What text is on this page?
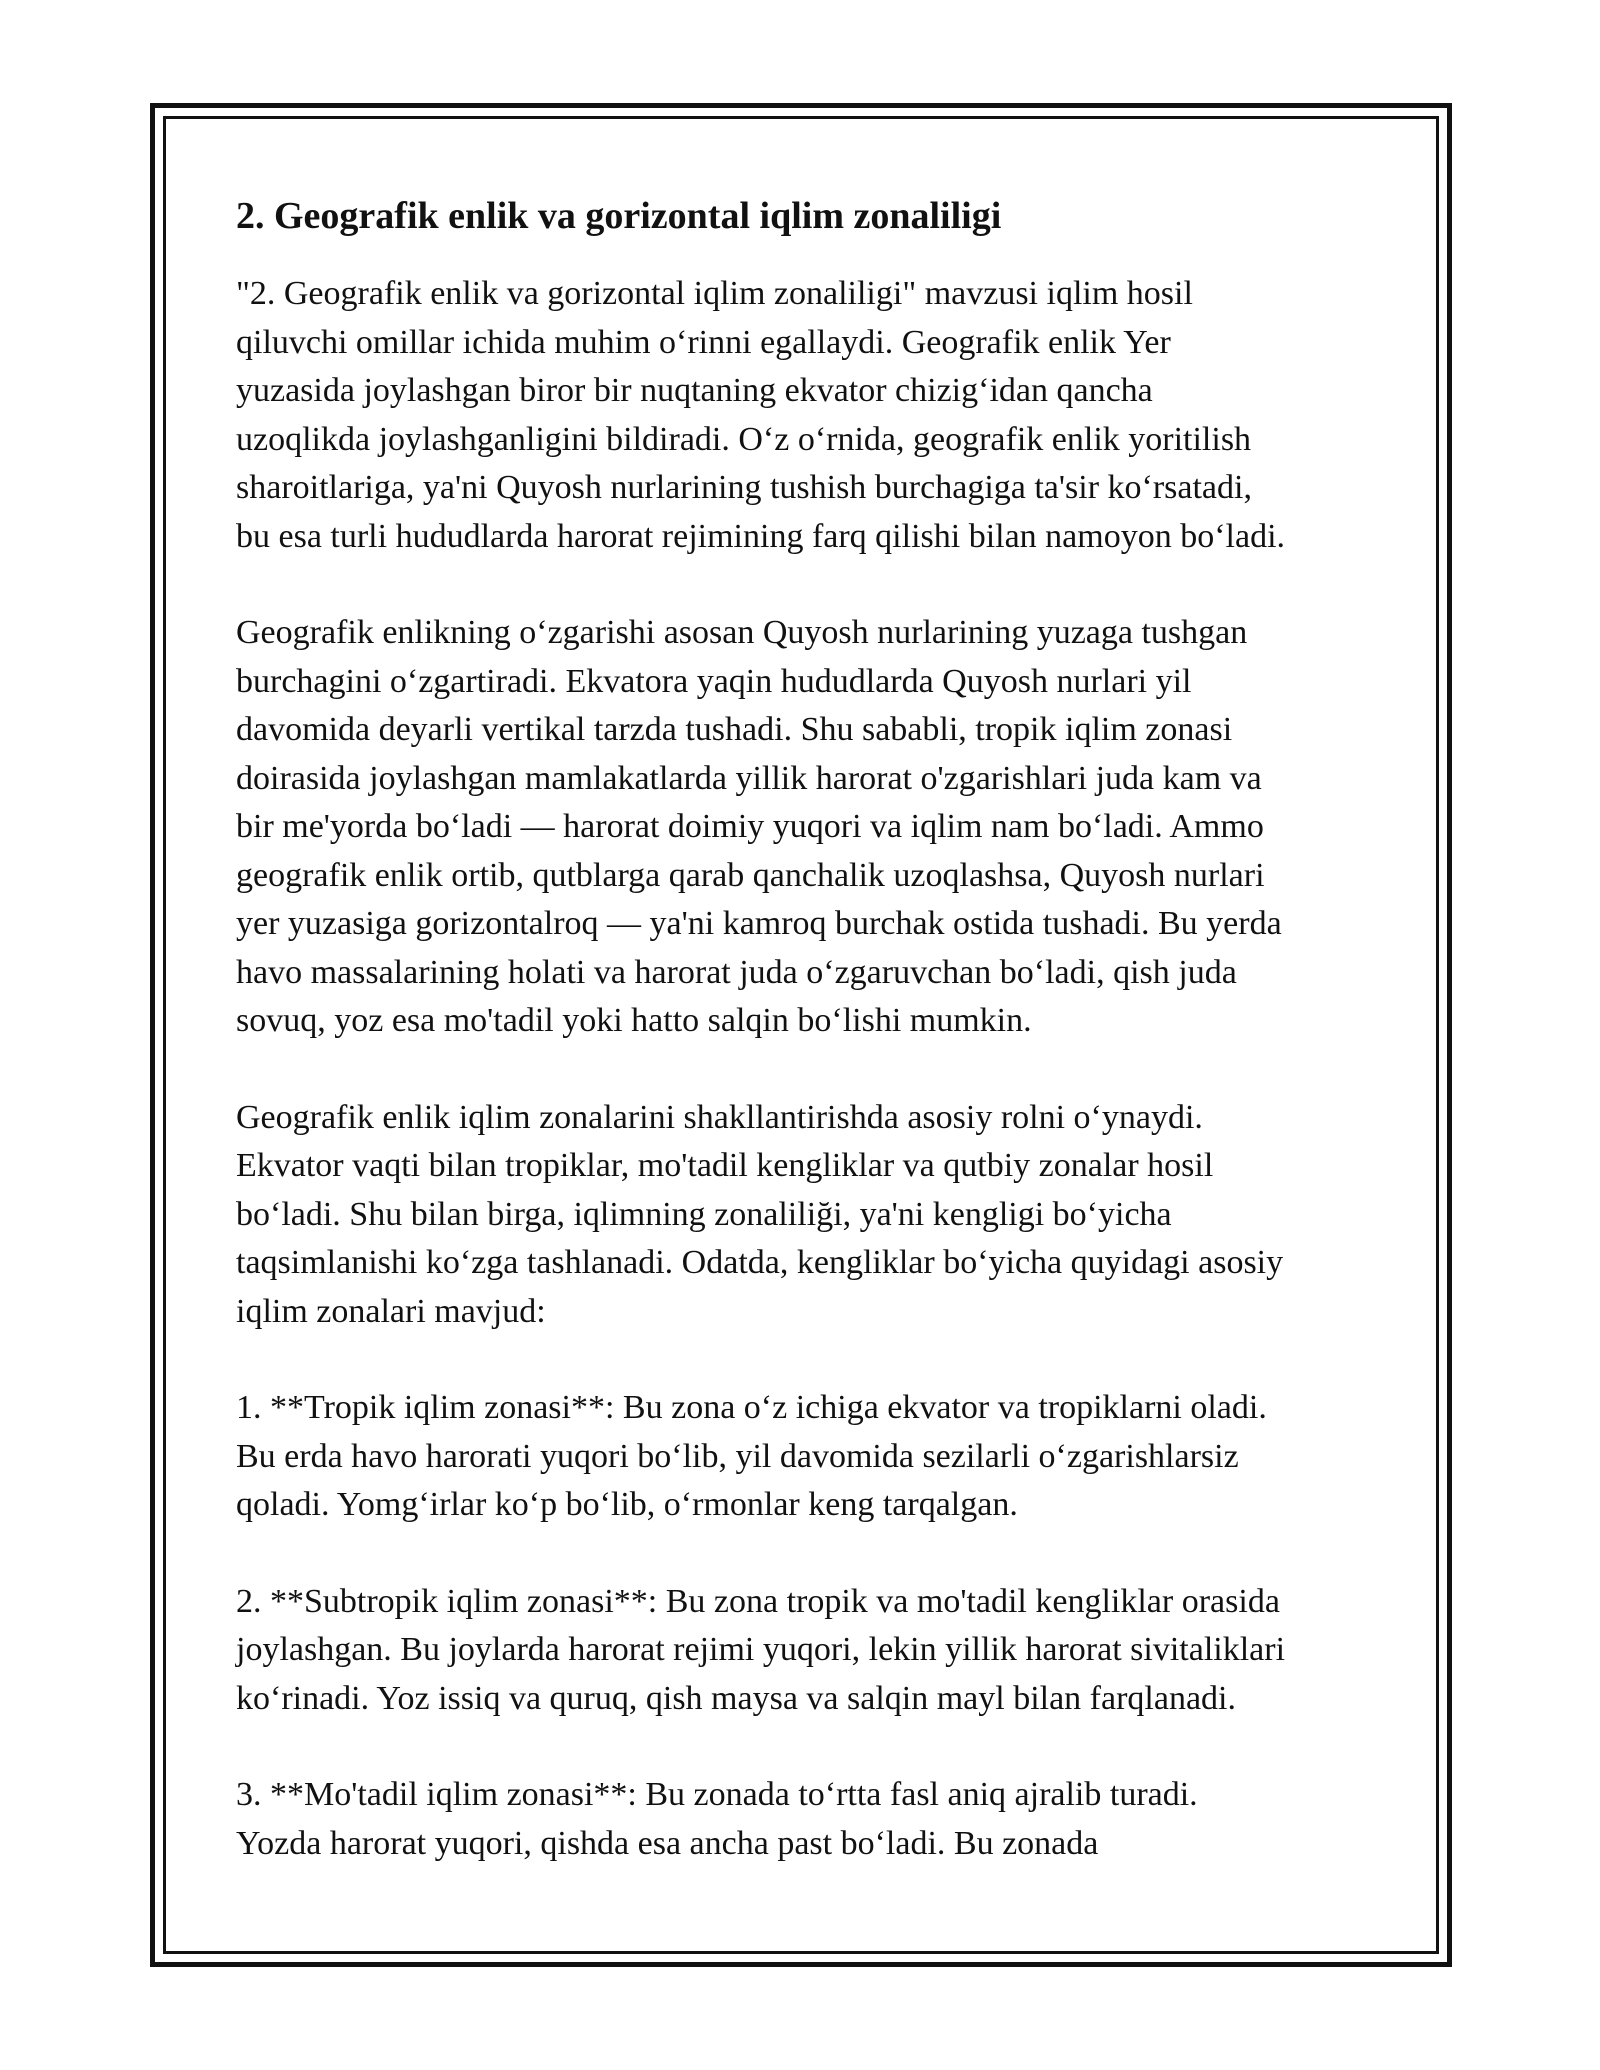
2. Geografik enlik va gorizontal iqlim zonaliligi

"2. Geografik enlik va gorizontal iqlim zonaliligi" mavzusi iqlim hosil
qiluvchi omillar ichida muhim o‘rinni egallaydi. Geografik enlik Yer
yuzasida joylashgan biror bir nuqtaning ekvator chizig‘idan qancha
uzoqlikda joylashganligini bildiradi. O‘z o‘rnida, geografik enlik yoritilish
sharoitlariga, ya'ni Quyosh nurlarining tushish burchagiga ta'sir ko‘rsatadi,
bu esa turli hududlarda harorat rejimining farq qilishi bilan namoyon bo‘ladi.

Geografik enlikning o‘zgarishi asosan Quyosh nurlarining yuzaga tushgan
burchagini o‘zgartiradi. Ekvatora yaqin hududlarda Quyosh nurlari yil
davomida deyarli vertikal tarzda tushadi. Shu sababli, tropik iqlim zonasi
doirasida joylashgan mamlakatlarda yillik harorat o'zgarishlari juda kam va
bir me'yorda bo‘ladi — harorat doimiy yuqori va iqlim nam bo‘ladi. Ammo
geografik enlik ortib, qutblarga qarab qanchalik uzoqlashsa, Quyosh nurlari
yer yuzasiga gorizontalroq — ya'ni kamroq burchak ostida tushadi. Bu yerda
havo massalarining holati va harorat juda o‘zgaruvchan bo‘ladi, qish juda
sovuq, yoz esa mo'tadil yoki hatto salqin bo‘lishi mumkin.

Geografik enlik iqlim zonalarini shakllantirishda asosiy rolni o‘ynaydi.
Ekvator vaqti bilan tropiklar, mo'tadil kengliklar va qutbiy zonalar hosil
bo‘ladi. Shu bilan birga, iqlimning zonaliliği, ya'ni kengligi bo‘yicha
taqsimlanishi ko‘zga tashlanadi. Odatda, kengliklar bo‘yicha quyidagi asosiy
iqlim zonalari mavjud:

1. **Tropik iqlim zonasi**: Bu zona o‘z ichiga ekvator va tropiklarni oladi.
Bu erda havo harorati yuqori bo‘lib, yil davomida sezilarli o‘zgarishlarsiz
qoladi. Yomg‘irlar ko‘p bo‘lib, o‘rmonlar keng tarqalgan.

2. **Subtropik iqlim zonasi**: Bu zona tropik va mo'tadil kengliklar orasida
joylashgan. Bu joylarda harorat rejimi yuqori, lekin yillik harorat sivitaliklari
ko‘rinadi. Yoz issiq va quruq, qish maysa va salqin mayl bilan farqlanadi.

3. **Mo'tadil iqlim zonasi**: Bu zonada to‘rtta fasl aniq ajralib turadi.
Yozda harorat yuqori, qishda esa ancha past bo‘ladi. Bu zonada
